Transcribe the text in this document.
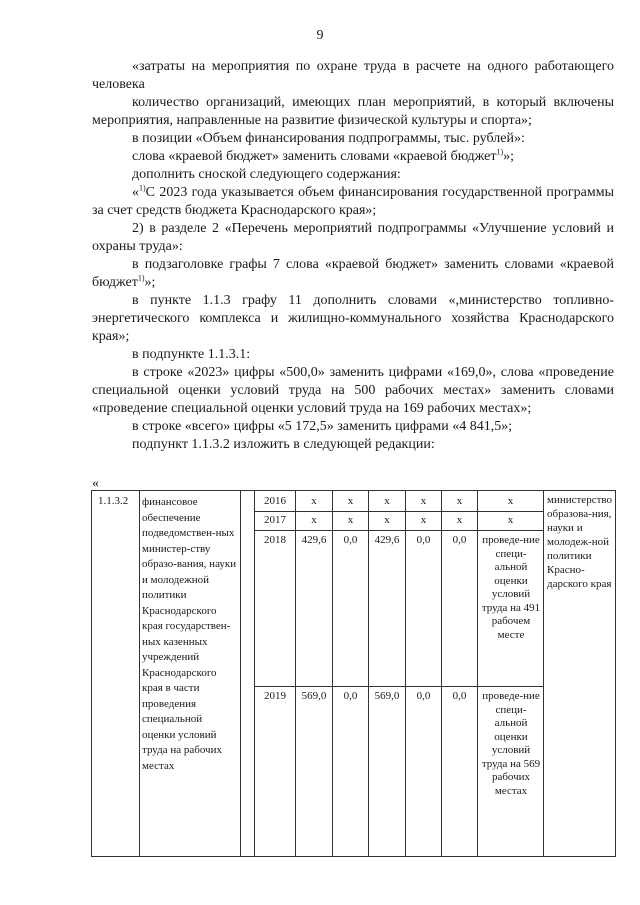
9

«затраты на мероприятия по охране труда в расчете на одного работающего человека

количество организаций, имеющих план мероприятий, в который включены мероприятия, направленные на развитие физической культуры и спорта»;

в позиции «Объем финансирования подпрограммы, тыс. рублей»:

слова «краевой бюджет» заменить словами «краевой бюджет$^{1)}$»;

дополнить сноской следующего содержания:

«$^{1)}$С 2023 года указывается объем финансирования государственной программы за счет средств бюджета Краснодарского края»;

2) в разделе 2 «Перечень мероприятий подпрограммы «Улучшение условий и охраны труда»:

в подзаголовке графы 7 слова «краевой бюджет» заменить словами «краевой бюджет$^{1)}$»;

в пункте 1.1.3 графу 11 дополнить словами «,министерство топливно-энергетического комплекса и жилищно-коммунального хозяйства Краснодарского края»;

в подпункте 1.1.3.1:

в строке «2023» цифры «500,0» заменить цифрами «169,0», слова «проведение специальной оценки условий труда на 500 рабочих местах» заменить словами «проведение специальной оценки условий труда на 169 рабочих местах»;

в строке «всего» цифры «5 172,5» заменить цифрами «4 841,5»;

подпункт 1.1.3.2 изложить в следующей редакции:

«
1.1.3.2 финансовое обеспечение подведомствен-ных министер-ству образо-вания, науки и молодежной политики Краснодарского края государствен-ных казенных учреждений Краснодарского края в части проведения специальной оценки условий труда на рабочих местах
министерство образова-ния, науки и молодеж-ной политики Красно-дарского края
2016	x	x	x	x	x	x
2017	x	x	x	x	x	x
2018	429,6	0,0	429,6	0,0	0,0	проведе-ние специ-альной оценки условий труда на 491 рабочем месте
2019	569,0	0,0	569,0	0,0	0,0	проведе-ние специ-альной оценки условий труда на 569 рабочих местах
